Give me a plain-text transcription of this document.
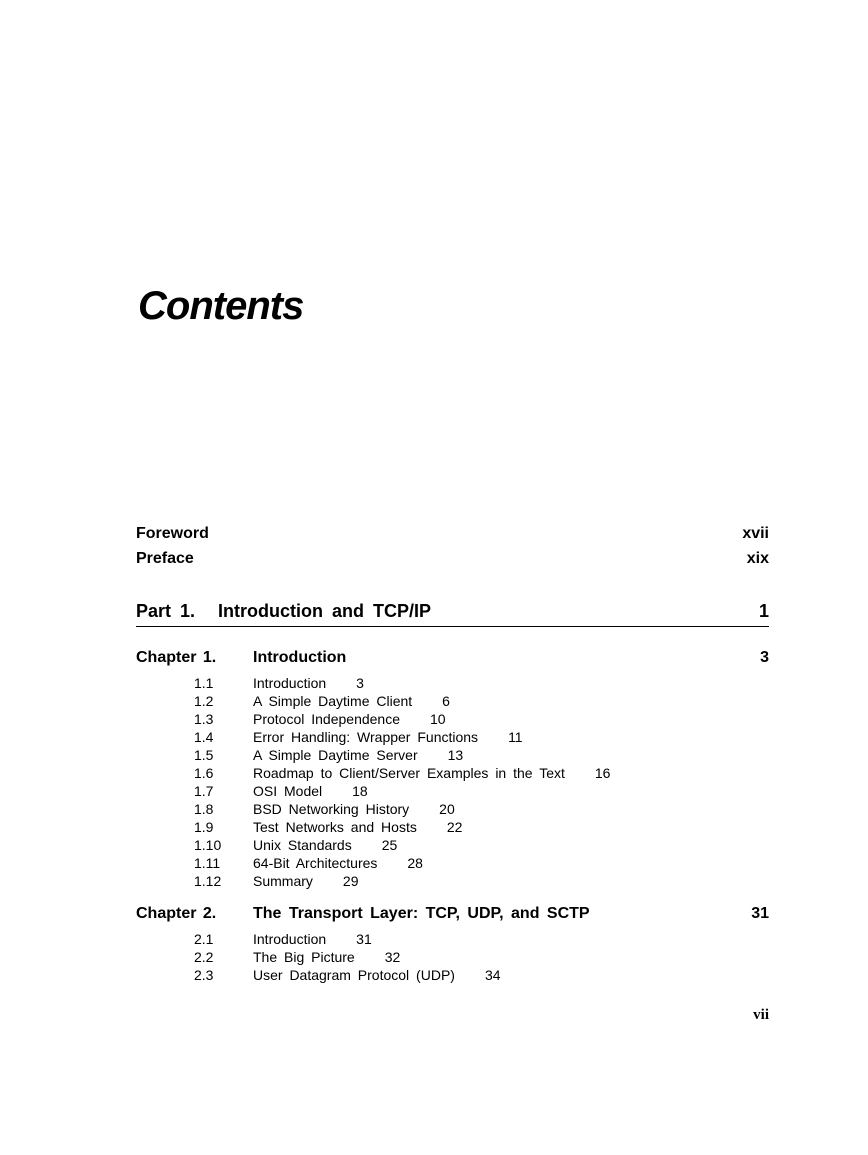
Contents
Foreword	xvii
Preface	xix
Part 1. Introduction and TCP/IP	1
Chapter 1. Introduction	3
1.1	Introduction 3
1.2	A Simple Daytime Client 6
1.3	Protocol Independence 10
1.4	Error Handling: Wrapper Functions 11
1.5	A Simple Daytime Server 13
1.6	Roadmap to Client/Server Examples in the Text 16
1.7	OSI Model 18
1.8	BSD Networking History 20
1.9	Test Networks and Hosts 22
1.10 Unix Standards 25
1.11 64-Bit Architectures 28
1.12 Summary 29
Chapter 2. The Transport Layer: TCP, UDP, and SCTP	31
2.1	Introduction 31
2.2	The Big Picture 32
2.3	User Datagram Protocol (UDP) 34
vii
